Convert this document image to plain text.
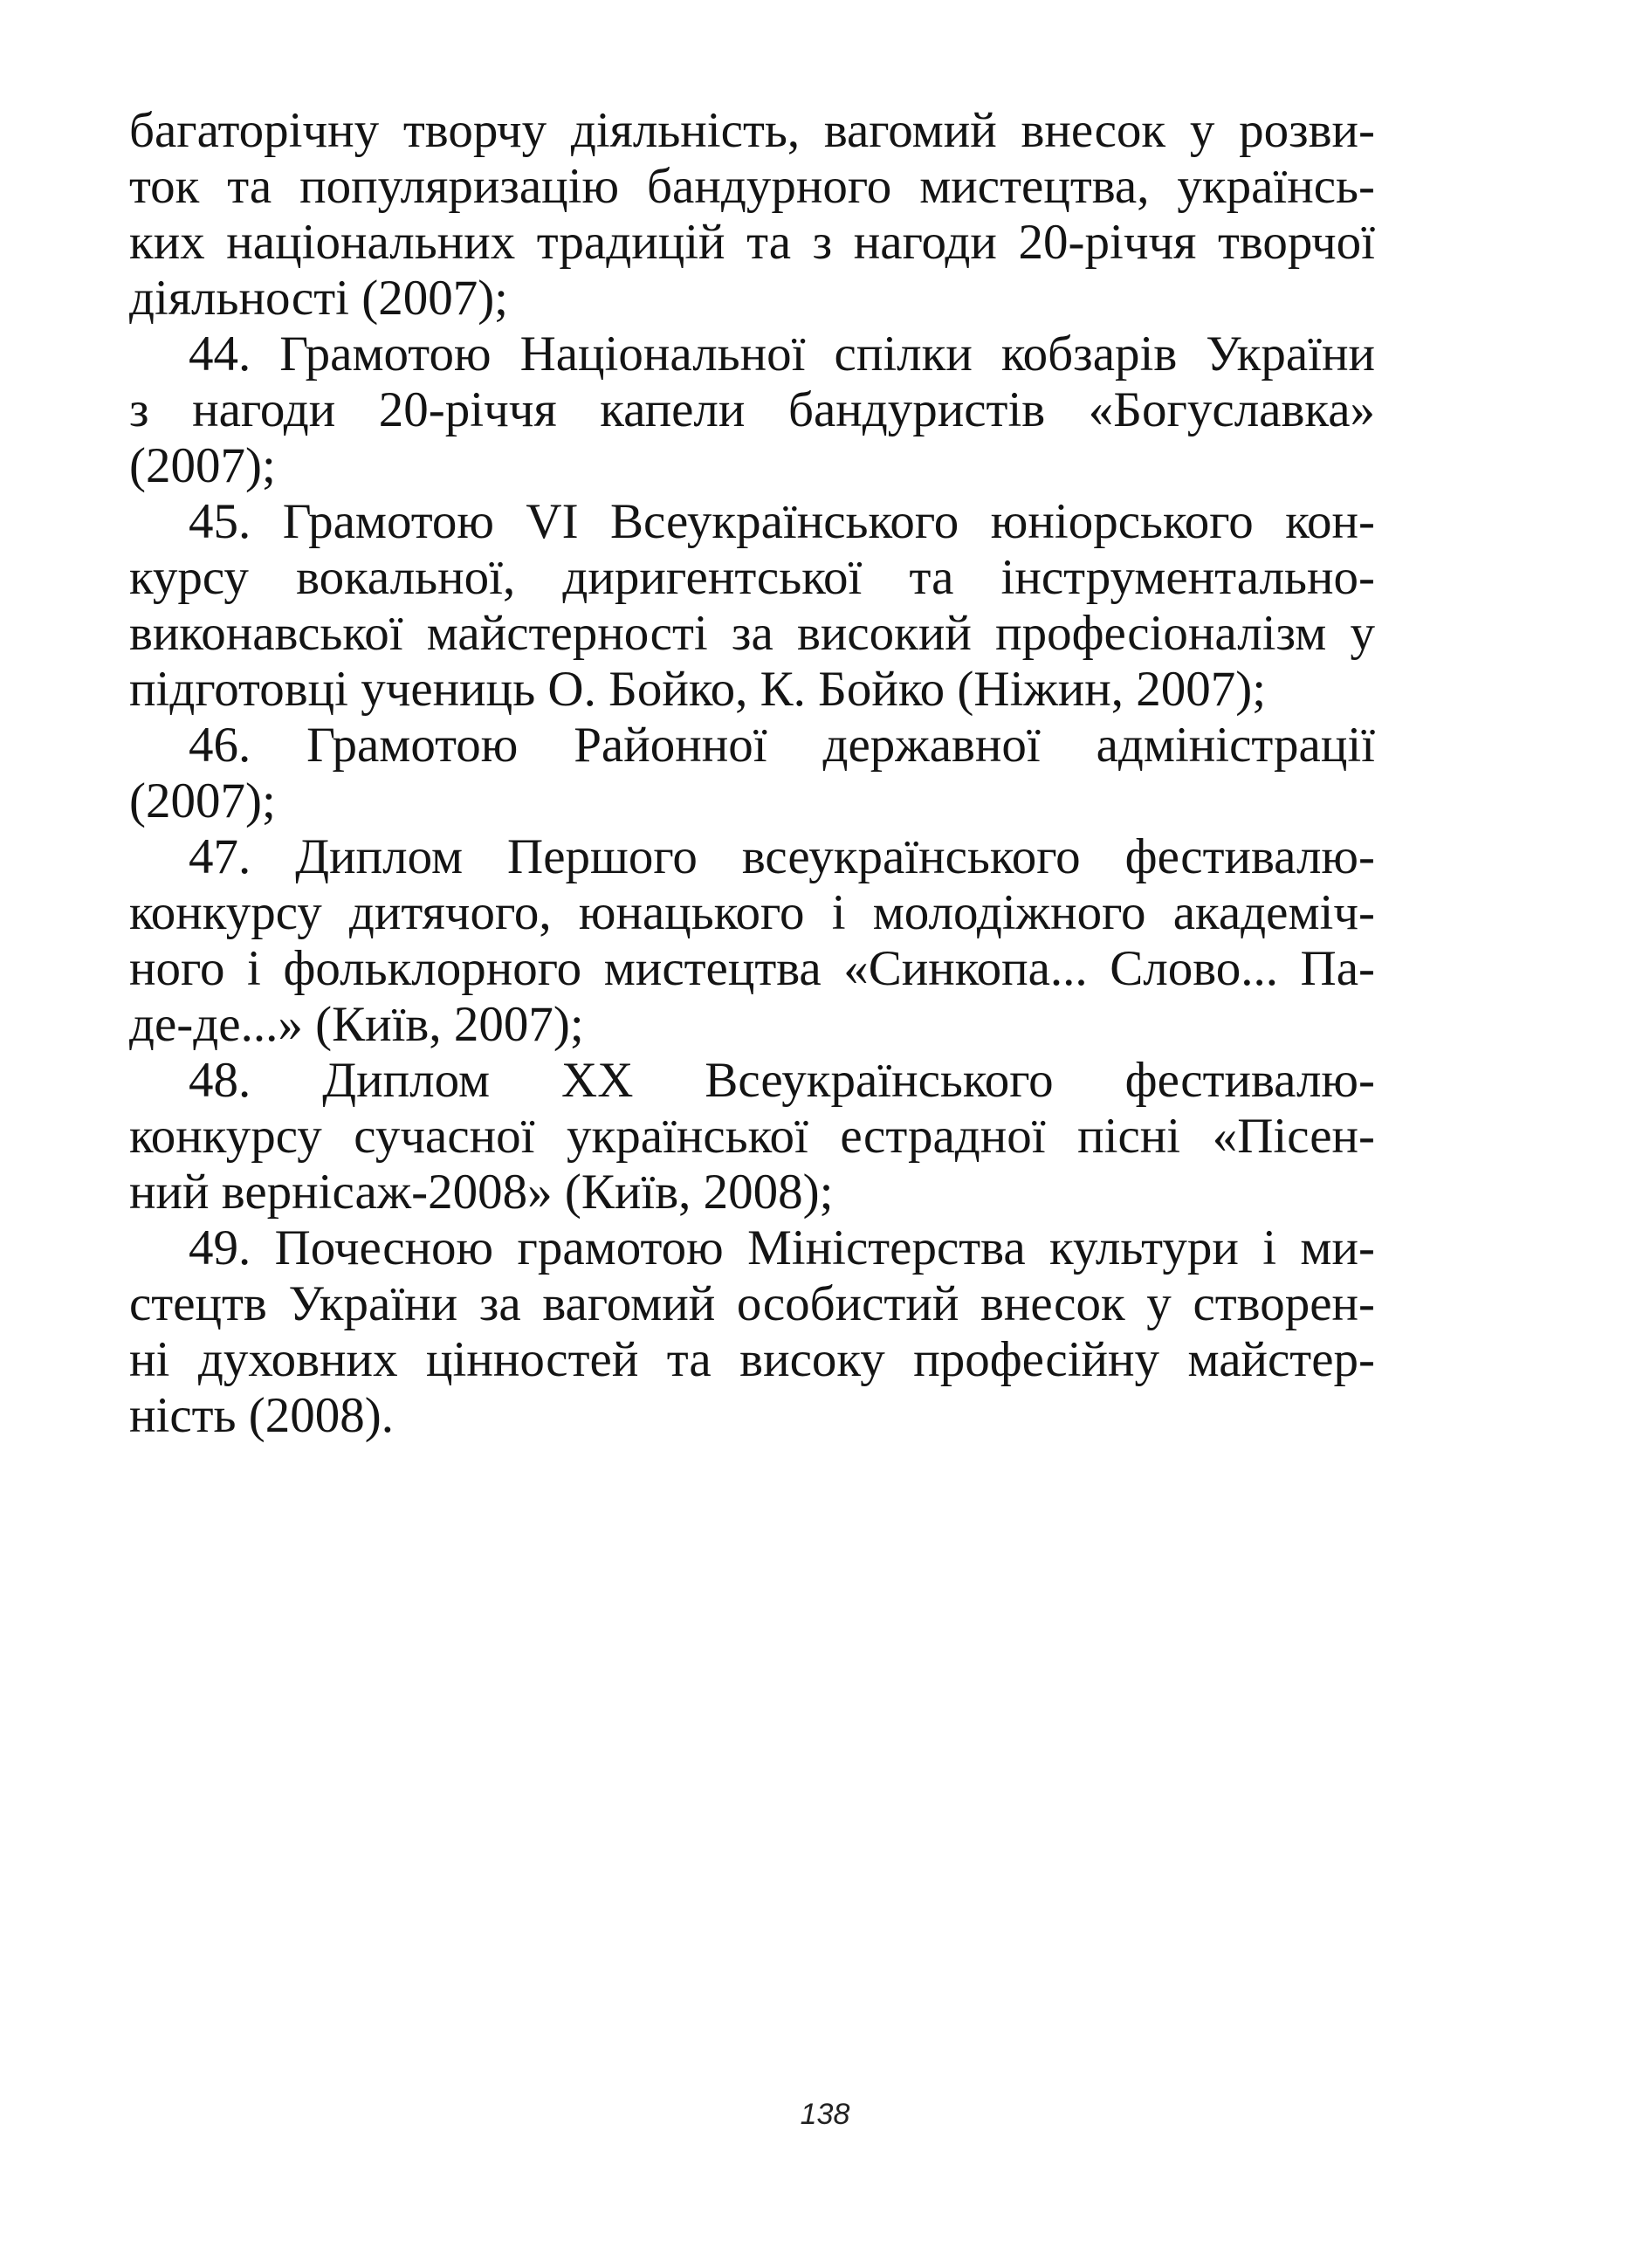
багаторічну творчу діяльність, вагомий внесок у розви-
ток та популяризацію бандурного мистецтва, українсь-
ких національних традицій та з нагоди 20-річчя творчої
діяльності (2007);

44. Грамотою Національної спілки кобзарів України
з нагоди 20-річчя капели бандуристів «Богуславка»
(2007);

45. Грамотою VI Всеукраїнського юніорського кон-
курсу вокальної, диригентської та інструментально-
виконавської майстерності за високий професіоналізм у
підготовці учениць О. Бойко, К. Бойко (Ніжин, 2007);

46. Грамотою Районної державної адміністрації
(2007);

47. Диплом Першого всеукраїнського фестивалю-
конкурсу дитячого, юнацького і молодіжного академіч-
ного і фольклорного мистецтва «Синкопа... Слово... Па-
де-де...» (Київ, 2007);

48. Диплом XX Всеукраїнського фестивалю-
конкурсу сучасної української естрадної пісні «Пісен-
ний вернісаж-2008» (Київ, 2008);

49. Почесною грамотою Міністерства культури і ми-
стецтв України за вагомий особистий внесок у створен-
ні духовних цінностей та високу професійну майстер-
ність (2008).

138
